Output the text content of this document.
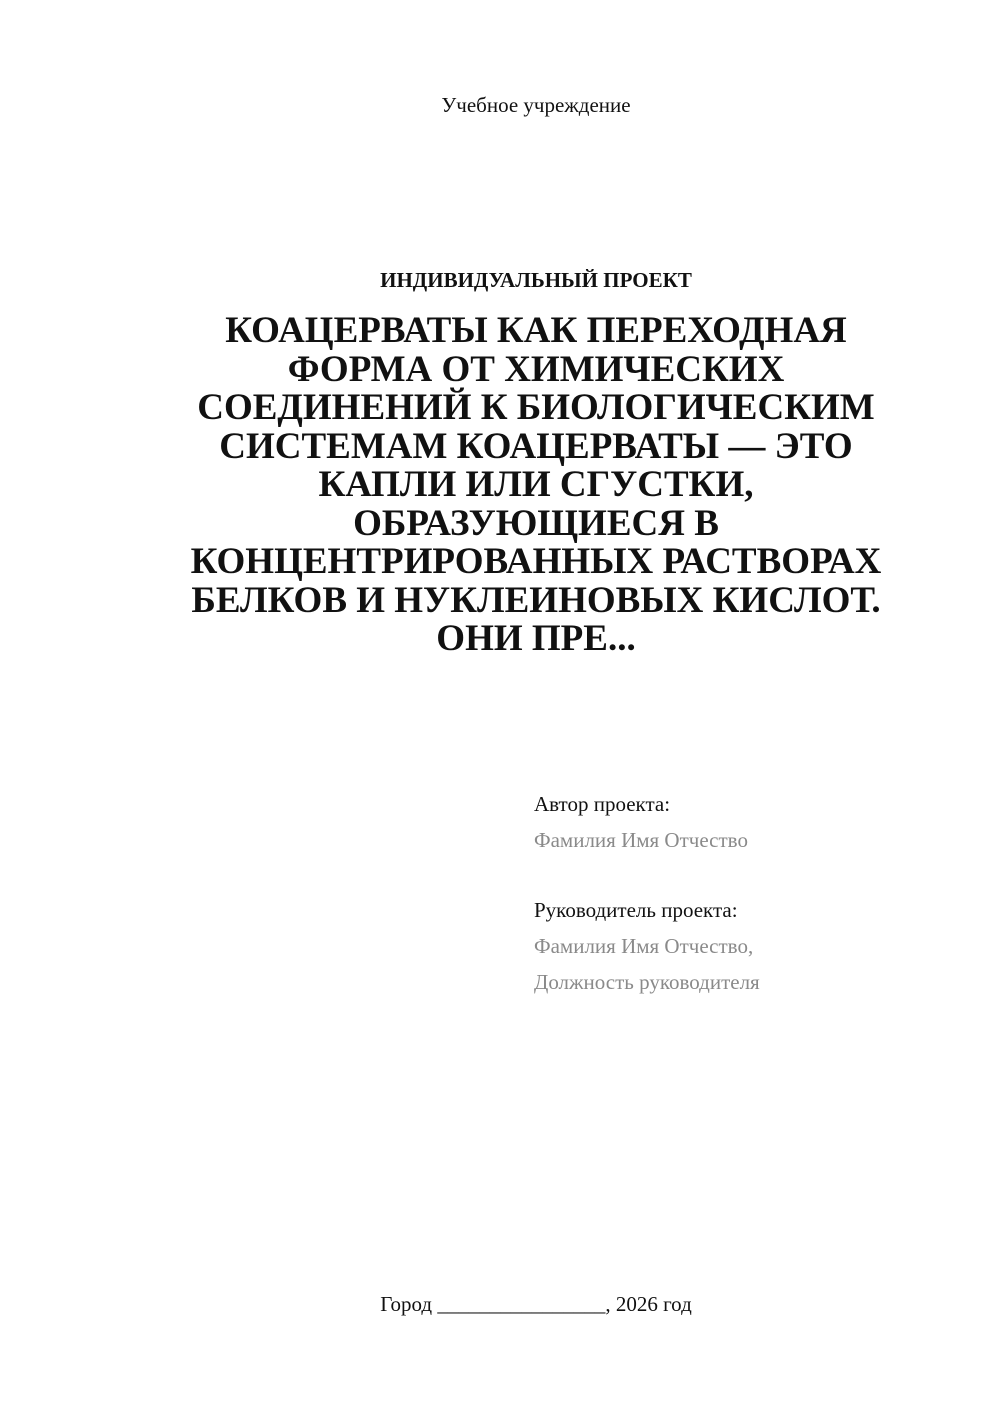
Учебное учреждение
ИНДИВИДУАЛЬНЫЙ ПРОЕКТ
КОАЦЕРВАТЫ КАК ПЕРЕХОДНАЯ ФОРМА ОТ ХИМИЧЕСКИХ СОЕДИНЕНИЙ К БИОЛОГИЧЕСКИМ СИСТЕМАМ КОАЦЕРВАТЫ — ЭТО КАПЛИ ИЛИ СГУСТКИ, ОБРАЗУЮЩИЕСЯ В КОНЦЕНТРИРОВАННЫХ РАСТВОРАХ БЕЛКОВ И НУКЛЕИНОВЫХ КИСЛОТ. ОНИ ПРЕ...
Автор проекта:
Фамилия Имя Отчество
Руководитель проекта:
Фамилия Имя Отчество,
Должность руководителя
Город ________________, 2026 год
